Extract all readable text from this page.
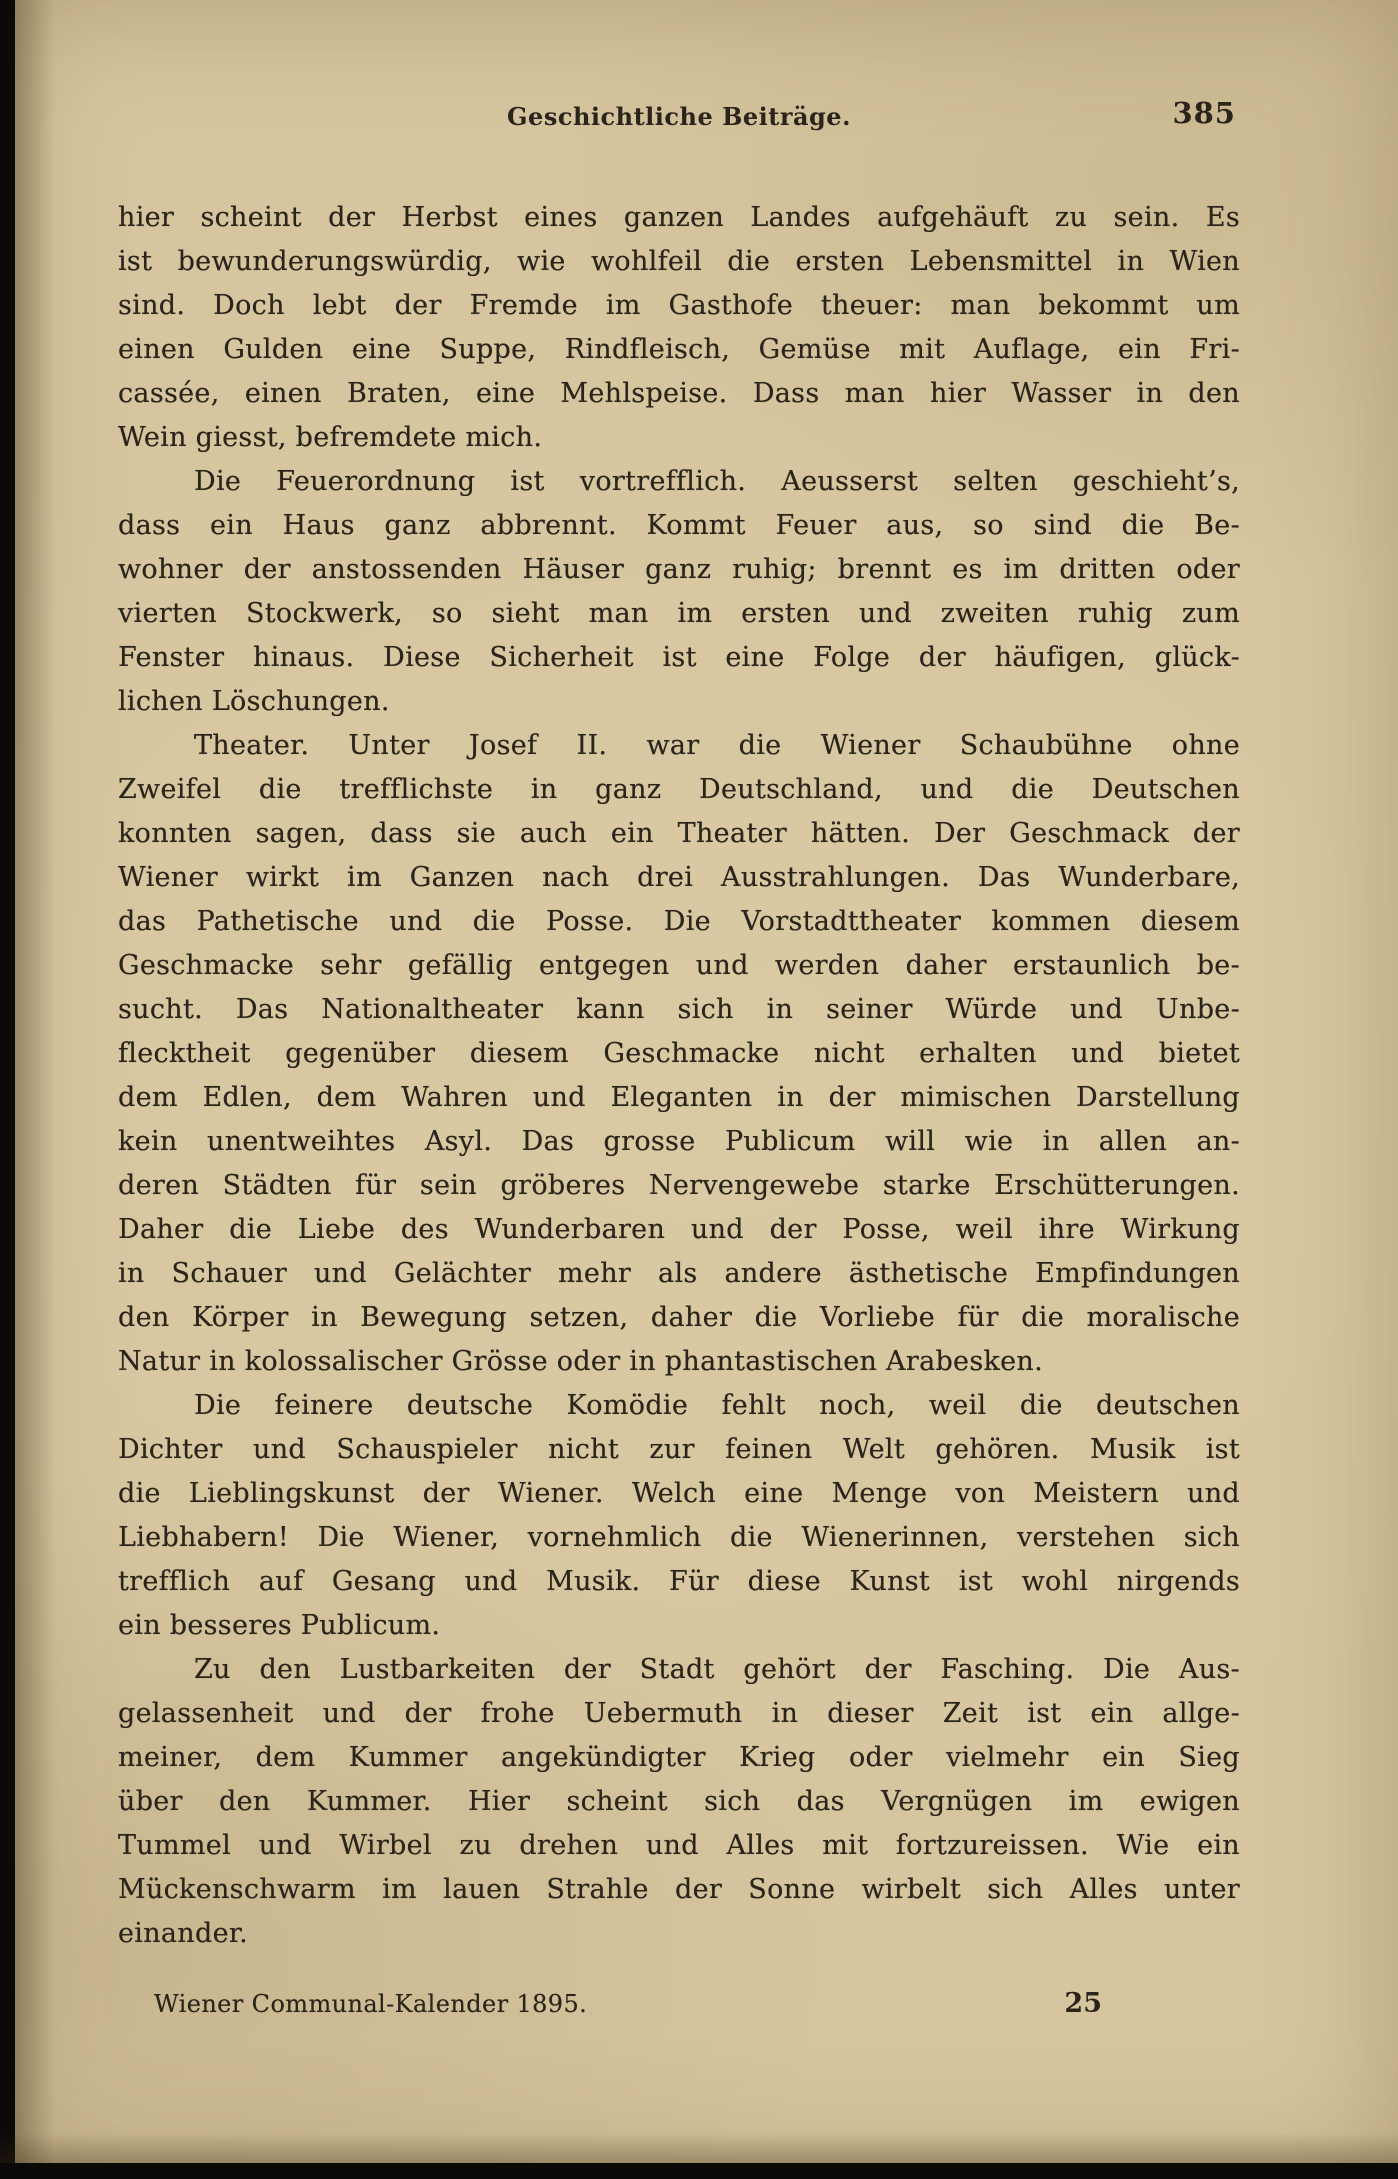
Geschichtliche Beiträge.	385
hier scheint der Herbst eines ganzen Landes aufgehäuft zu sein. Es
ist bewunderungswürdig, wie wohlfeil die ersten Lebensmittel in Wien
sind. Doch lebt der Fremde im Gasthofe theuer: man bekommt um
einen Gulden eine Suppe, Rindfleisch, Gemüse mit Auflage, ein Fri-
cassée, einen Braten, eine Mehlspeise. Dass man hier Wasser in den
Wein giesst, befremdete mich.
Die Feuerordnung ist vortrefflich. Aeusserst selten geschieht’s,
dass ein Haus ganz abbrennt. Kommt Feuer aus, so sind die Be-
wohner der anstossenden Häuser ganz ruhig; brennt es im dritten oder
vierten Stockwerk, so sieht man im ersten und zweiten ruhig zum
Fenster hinaus. Diese Sicherheit ist eine Folge der häufigen, glück-
lichen Löschungen.
Theater. Unter Josef II. war die Wiener Schaubühne ohne
Zweifel die trefflichste in ganz Deutschland, und die Deutschen
konnten sagen, dass sie auch ein Theater hätten. Der Geschmack der
Wiener wirkt im Ganzen nach drei Ausstrahlungen. Das Wunderbare,
das Pathetische und die Posse. Die Vorstadttheater kommen diesem
Geschmacke sehr gefällig entgegen und werden daher erstaunlich be-
sucht. Das Nationaltheater kann sich in seiner Würde und Unbe-
flecktheit gegenüber diesem Geschmacke nicht erhalten und bietet
dem Edlen, dem Wahren und Eleganten in der mimischen Darstellung
kein unentweihtes Asyl. Das grosse Publicum will wie in allen an-
deren Städten für sein gröberes Nervengewebe starke Erschütterungen.
Daher die Liebe des Wunderbaren und der Posse, weil ihre Wirkung
in Schauer und Gelächter mehr als andere ästhetische Empfindungen
den Körper in Bewegung setzen, daher die Vorliebe für die moralische
Natur in kolossalischer Grösse oder in phantastischen Arabesken.
Die feinere deutsche Komödie fehlt noch, weil die deutschen
Dichter und Schauspieler nicht zur feinen Welt gehören. Musik ist
die Lieblingskunst der Wiener. Welch eine Menge von Meistern und
Liebhabern! Die Wiener, vornehmlich die Wienerinnen, verstehen sich
trefflich auf Gesang und Musik. Für diese Kunst ist wohl nirgends
ein besseres Publicum.
Zu den Lustbarkeiten der Stadt gehört der Fasching. Die Aus-
gelassenheit und der frohe Uebermuth in dieser Zeit ist ein allge-
meiner, dem Kummer angekündigter Krieg oder vielmehr ein Sieg
über den Kummer. Hier scheint sich das Vergnügen im ewigen
Tummel und Wirbel zu drehen und Alles mit fortzureissen. Wie ein
Mückenschwarm im lauen Strahle der Sonne wirbelt sich Alles unter
einander.
Wiener Communal-Kalender 1895.	25
